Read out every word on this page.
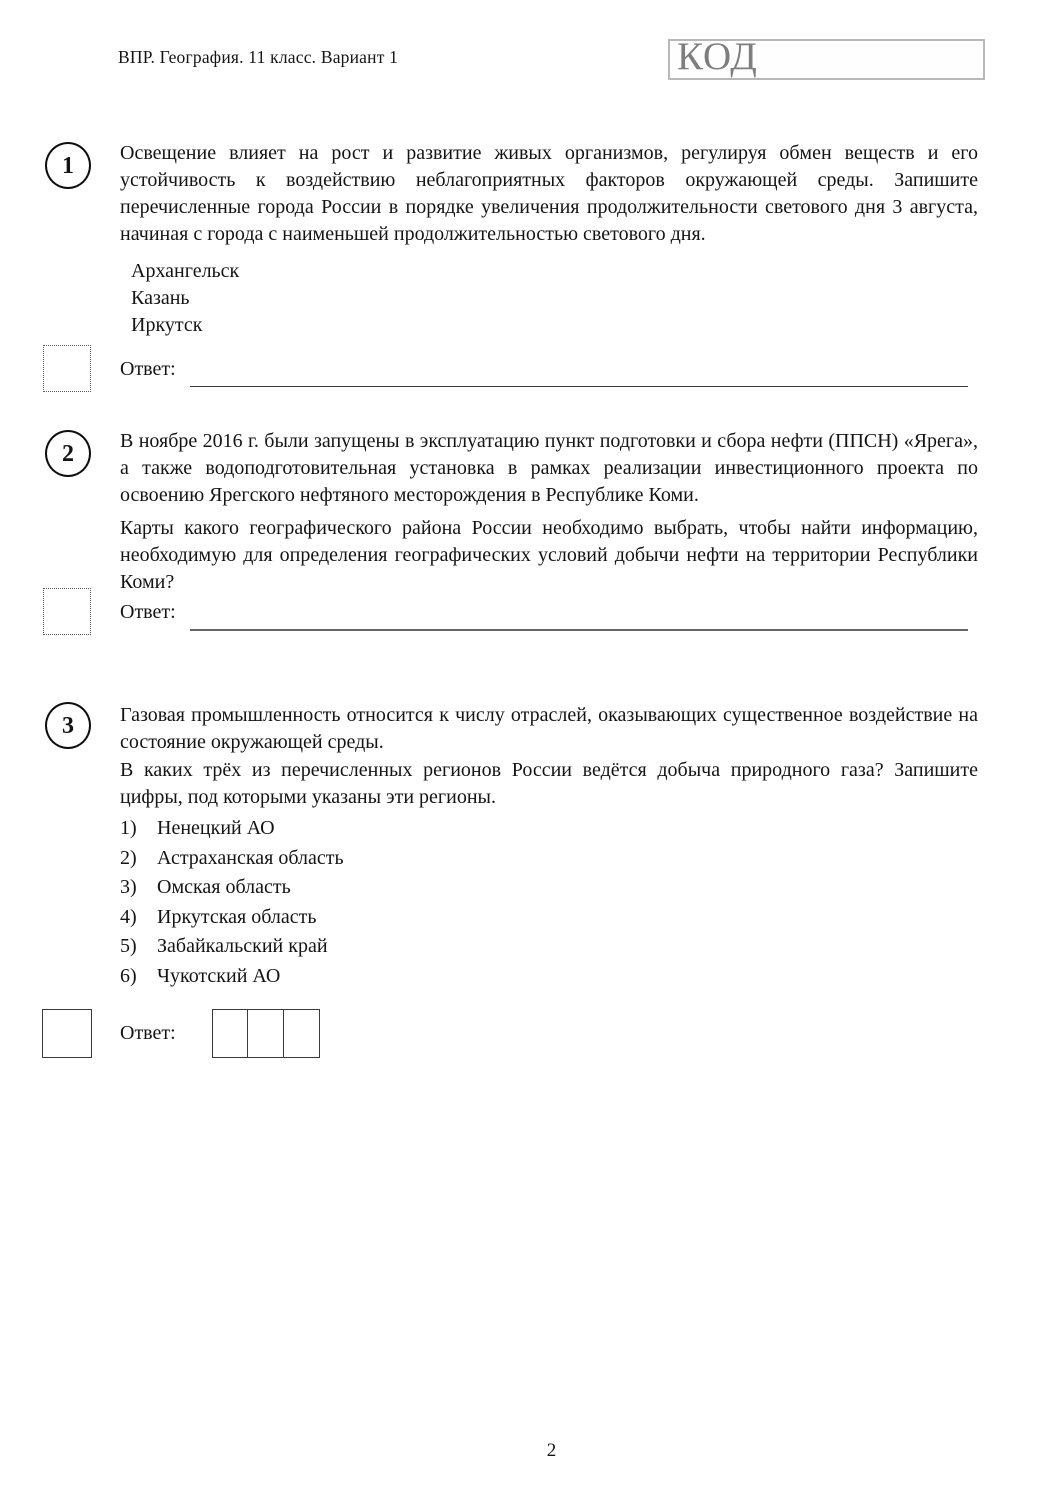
ВПР. География. 11 класс. Вариант 1	КОД
1	Освещение влияет на рост и развитие живых организмов, регулируя обмен веществ и его устойчивость к воздействию неблагоприятных факторов окружающей среды. Запишите перечисленные города России в порядке увеличения продолжительности светового дня 3 августа, начиная с города с наименьшей продолжительностью светового дня.

Архангельск
Казань
Иркутск
Ответ:
2	В ноябре 2016 г. были запущены в эксплуатацию пункт подготовки и сбора нефти (ППСН) «Ярега», а также водоподготовительная установка в рамках реализации инвестиционного проекта по освоению Ярегского нефтяного месторождения в Республике Коми.

Карты какого географического района России необходимо выбрать, чтобы найти информацию, необходимую для определения географических условий добычи нефти на территории Республики Коми?

Ответ:
3	Газовая промышленность относится к числу отраслей, оказывающих существенное воздействие на состояние окружающей среды.

В каких трёх из перечисленных регионов России ведётся добыча природного газа? Запишите цифры, под которыми указаны эти регионы.

1)	Ненецкий АО
2)	Астраханская область
3)	Омская область
4)	Иркутская область
5)	Забайкальский край
6)	Чукотский АО
Ответ:
2
